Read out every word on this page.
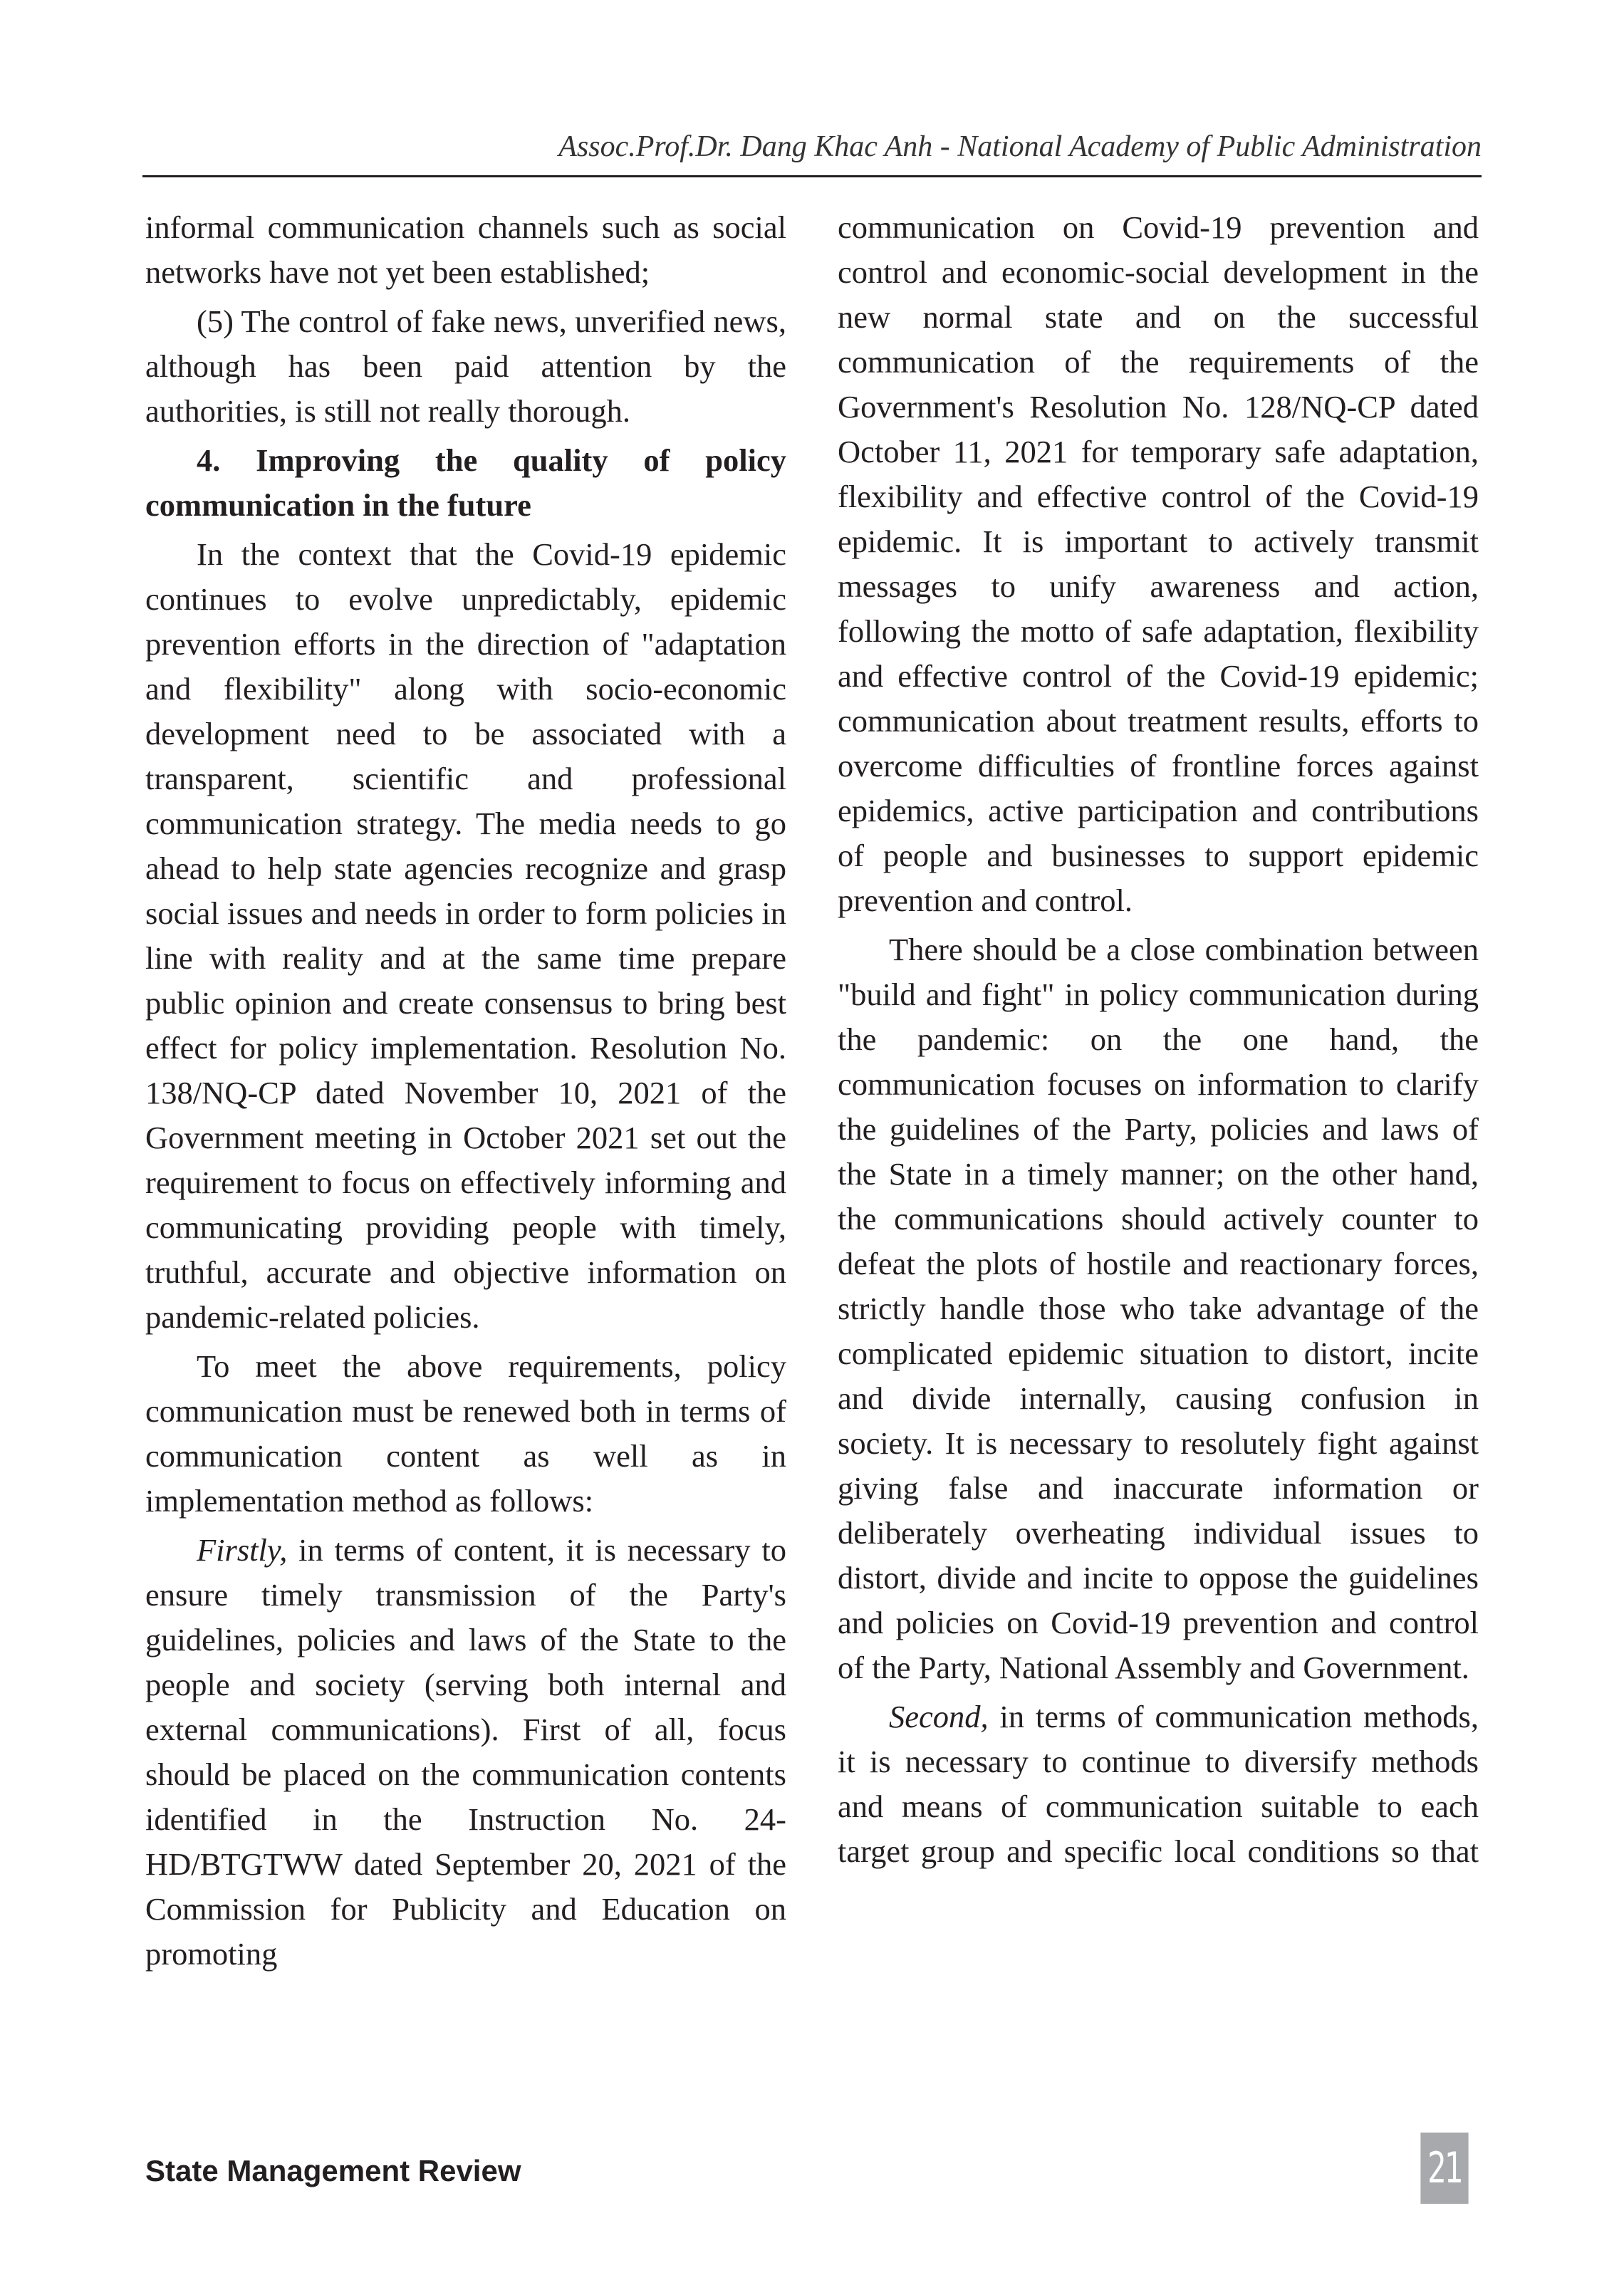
Assoc.Prof.Dr. Dang Khac Anh - National Academy of Public Administration

informal communication channels such as social networks have not yet been established;

(5) The control of fake news, unverified news, although has been paid attention by the authorities, is still not really thorough.

4. Improving the quality of policy communication in the future

In the context that the Covid-19 epidemic continues to evolve unpredictably, epidemic prevention efforts in the direction of "adaptation and flexibility" along with socio-economic development need to be associated with a transparent, scientific and professional communication strategy. The media needs to go ahead to help state agencies recognize and grasp social issues and needs in order to form policies in line with reality and at the same time prepare public opinion and create consensus to bring best effect for policy implementation. Resolution No. 138/NQ-CP dated November 10, 2021 of the Government meeting in October 2021 set out the requirement to focus on effectively informing and communicating providing people with timely, truthful, accurate and objective information on pandemic-related policies.

To meet the above requirements, policy communication must be renewed both in terms of communication content as well as in implementation method as follows:

Firstly, in terms of content, it is necessary to ensure timely transmission of the Party's guidelines, policies and laws of the State to the people and society (serving both internal and external communications). First of all, focus should be placed on the communication contents identified in the Instruction No. 24-HD/BTGTWW dated September 20, 2021 of the Commission for Publicity and Education on promoting

communication on Covid-19 prevention and control and economic-social development in the new normal state and on the successful communication of the requirements of the Government's Resolution No. 128/NQ-CP dated October 11, 2021 for temporary safe adaptation, flexibility and effective control of the Covid-19 epidemic. It is important to actively transmit messages to unify awareness and action, following the motto of safe adaptation, flexibility and effective control of the Covid-19 epidemic; communication about treatment results, efforts to overcome difficulties of frontline forces against epidemics, active participation and contributions of people and businesses to support epidemic prevention and control.

There should be a close combination between "build and fight" in policy communication during the pandemic: on the one hand, the communication focuses on information to clarify the guidelines of the Party, policies and laws of the State in a timely manner; on the other hand, the communications should actively counter to defeat the plots of hostile and reactionary forces, strictly handle those who take advantage of the complicated epidemic situation to distort, incite and divide internally, causing confusion in society. It is necessary to resolutely fight against giving false and inaccurate information or deliberately overheating individual issues to distort, divide and incite to oppose the guidelines and policies on Covid-19 prevention and control of the Party, National Assembly and Government.

Second, in terms of communication methods, it is necessary to continue to diversify methods and means of communication suitable to each target group and specific local conditions so that

State Management Review	21
